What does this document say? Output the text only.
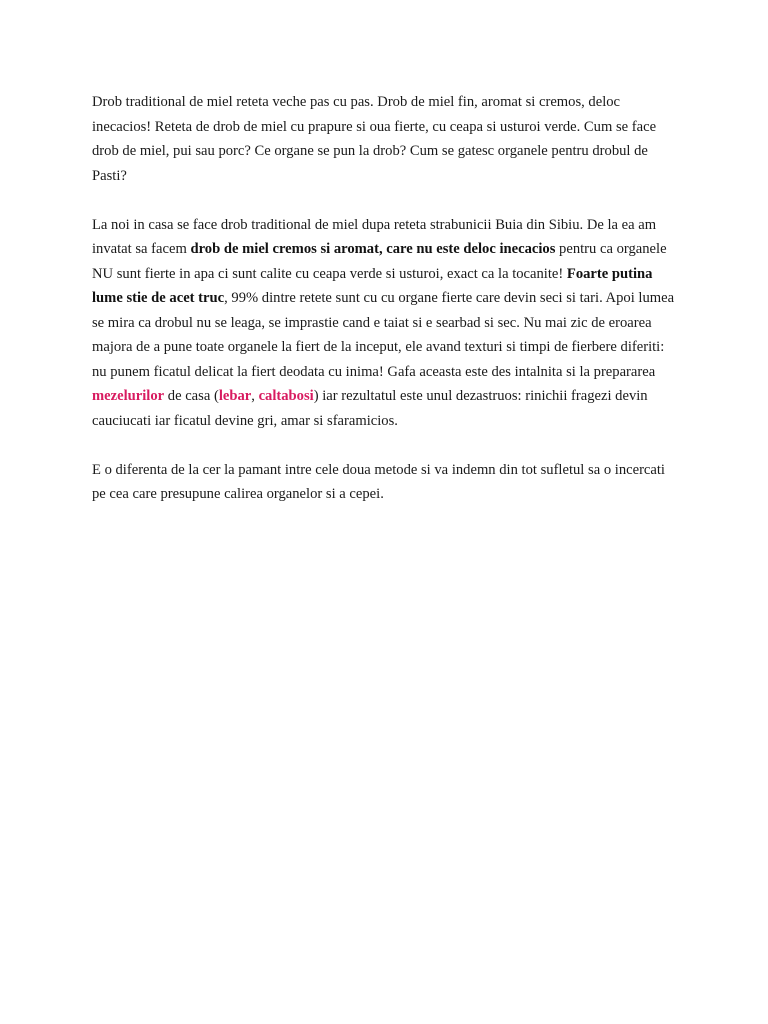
Drob traditional de miel reteta veche pas cu pas. Drob de miel fin, aromat si cremos, deloc inecacios! Reteta de drob de miel cu prapure si oua fierte, cu ceapa si usturoi verde. Cum se face drob de miel, pui sau porc? Ce organe se pun la drob? Cum se gatesc organele pentru drobul de Pasti?

La noi in casa se face drob traditional de miel dupa reteta strabunicii Buia din Sibiu. De la ea am invatat sa facem drob de miel cremos si aromat, care nu este deloc inecacios pentru ca organele NU sunt fierte in apa ci sunt calite cu ceapa verde si usturoi, exact ca la tocanite! Foarte putina lume stie de acet truc, 99% dintre retete sunt cu cu organe fierte care devin seci si tari. Apoi lumea se mira ca drobul nu se leaga, se imprastie cand e taiat si e searbad si sec. Nu mai zic de eroarea majora de a pune toate organele la fiert de la inceput, ele avand texturi si timpi de fierbere diferiti: nu punem ficatul delicat la fiert deodata cu inima! Gafa aceasta este des intalnita si la prepararea mezelurilor de casa (lebar, caltabosi) iar rezultatul este unul dezastruos: rinichii fragezi devin cauciucati iar ficatul devine gri, amar si sfaramicios.

E o diferenta de la cer la pamant intre cele doua metode si va indemn din tot sufletul sa o incercati pe cea care presupune calirea organelor si a cepei.
